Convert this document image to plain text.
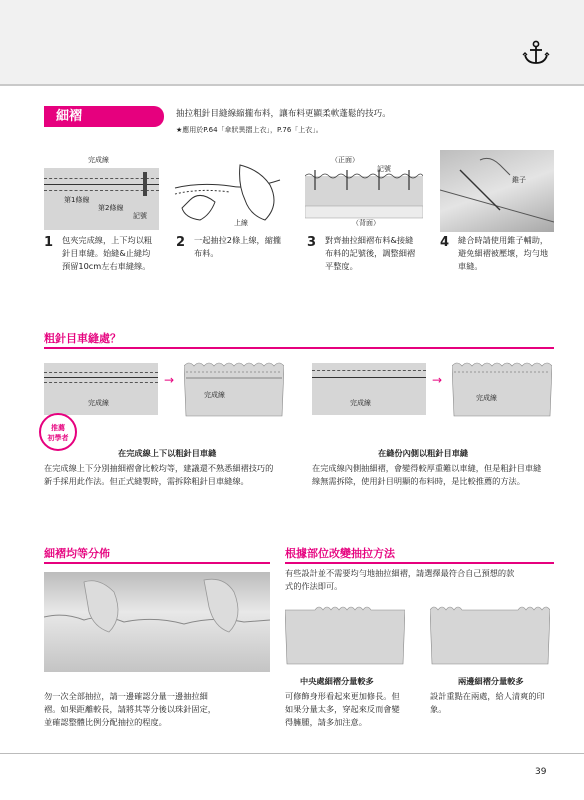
細褶	抽拉粗針目縫線縮攏布料，讓布料更顯柔軟蓬鬆的技巧。
★應用於P.64「傘狀異摺上衣」，P.76「上衣」。
完成線
第1條線
第2條線
記號
上線
（正面）
記號
（背面）
錐子
1 包夾完成線，上下均以粗
針目車縫。始縫&止縫均
預留10cm左右車縫線。
2 一起抽拉2條上線，縮攏
布料。
3 對齊抽拉細褶布料&接縫
布料的記號後，調整細褶
平整度。
4 縫合時請使用錐子輔助，
避免細褶被壓壞，均勻地
車縫。
粗針目車縫處？
完成線
→
完成線
完成線
→
完成線
推薦
初學者
在完成線上下以粗針目車縫
在完成線上下分別抽細褶會比較均等，建議還不熟悉細褶技巧的
新手採用此作法。但正式縫製時，需拆除粗針目車縫線。
在縫份內側以粗針目車縫
在完成線內側抽細褶，會變得較厚重難以車縫，但是粗針目車縫
線無需拆除，使用針目明顯的布料時，是比較推薦的方法。
細褶均等分佈
勿一次全部抽拉，請一邊確認分量一邊抽拉細
褶。如果距離較長，請將其等分後以珠針固定，
並確認整體比例分配抽拉的程度。
根據部位改變抽拉方法
有些設計並不需要均勻地抽拉細褶，請選擇最符合自己預想的款
式的作法即可。
中央處細褶分量較多
可修飾身形看起來更加修長。但
如果分量太多，穿起來反而會變
得臃腫，請多加注意。
兩邊細褶分量較多
設計重點在兩處，給人清爽的印
象。
39
